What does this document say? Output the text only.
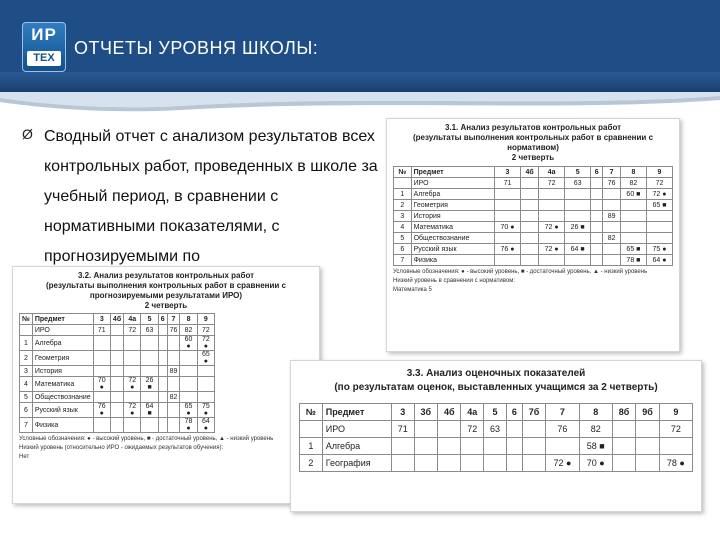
ИР
ТЕХ	ОТЧЕТЫ УРОВНЯ ШКОЛЫ:
Ø Сводный отчет с анализом результатов всех контрольных работ, проведенных в школе за учебный период, в сравнении с нормативными показателями, с прогнозируемыми по
3.1. Анализ результатов контрольных работ
(результаты выполнения контрольных работ в сравнении с нормативом)
2 четверть
№	Предмет	3	4б	4а	5	6	7	8	9
	ИРО	71		72	63		76	82	72
1	Алгебра							60 ■	72 ●
2	Геометрия								65 ■
3	История						89		
4	Математика	70 ●		72 ●	26 ■				
5	Обществознание						82		
6	Русский язык	76 ●		72 ●	64 ■			65 ■	75 ●
7	Физика							78 ■	64 ●
Условные обозначения: ● - высокий уровень, ■ - достаточный уровень, ▲ - низкий уровень
Низкий уровень в сравнении с нормативом:
Математика 5
3.2. Анализ результатов контрольных работ
(результаты выполнения контрольных работ в сравнении с прогнозируемыми результатами ИРО)
2 четверть
№	Предмет	3	4б	4а	5	6	7	8	9
	ИРО	71		72	63		76	82	72
1	Алгебра							60 ●	72 ●
2	Геометрия								65 ●
3	История						89		
4	Математика	70 ●		72 ●	26 ■				
5	Обществознание						82		
6	Русский язык	76 ●		72 ●	64 ■			65 ●	75 ●
7	Физика							78 ●	64 ●
Условные обозначения: ● - высокий уровень, ■ - достаточный уровень, ▲ - низкий уровень
Низкий уровень (относительно ИРО - ожидаемых результатов обучения):
Нет
3.3. Анализ оценочных показателей
(по результатам оценок, выставленных учащимся за 2 четверть)
№	Предмет	3	3б	4б	4а	5	6	7б	7	8	8б	9б	9
	ИРО	71			72	63			76	82			72
1	Алгебра									58 ■			
2	География								72 ●	70 ●			78 ●
